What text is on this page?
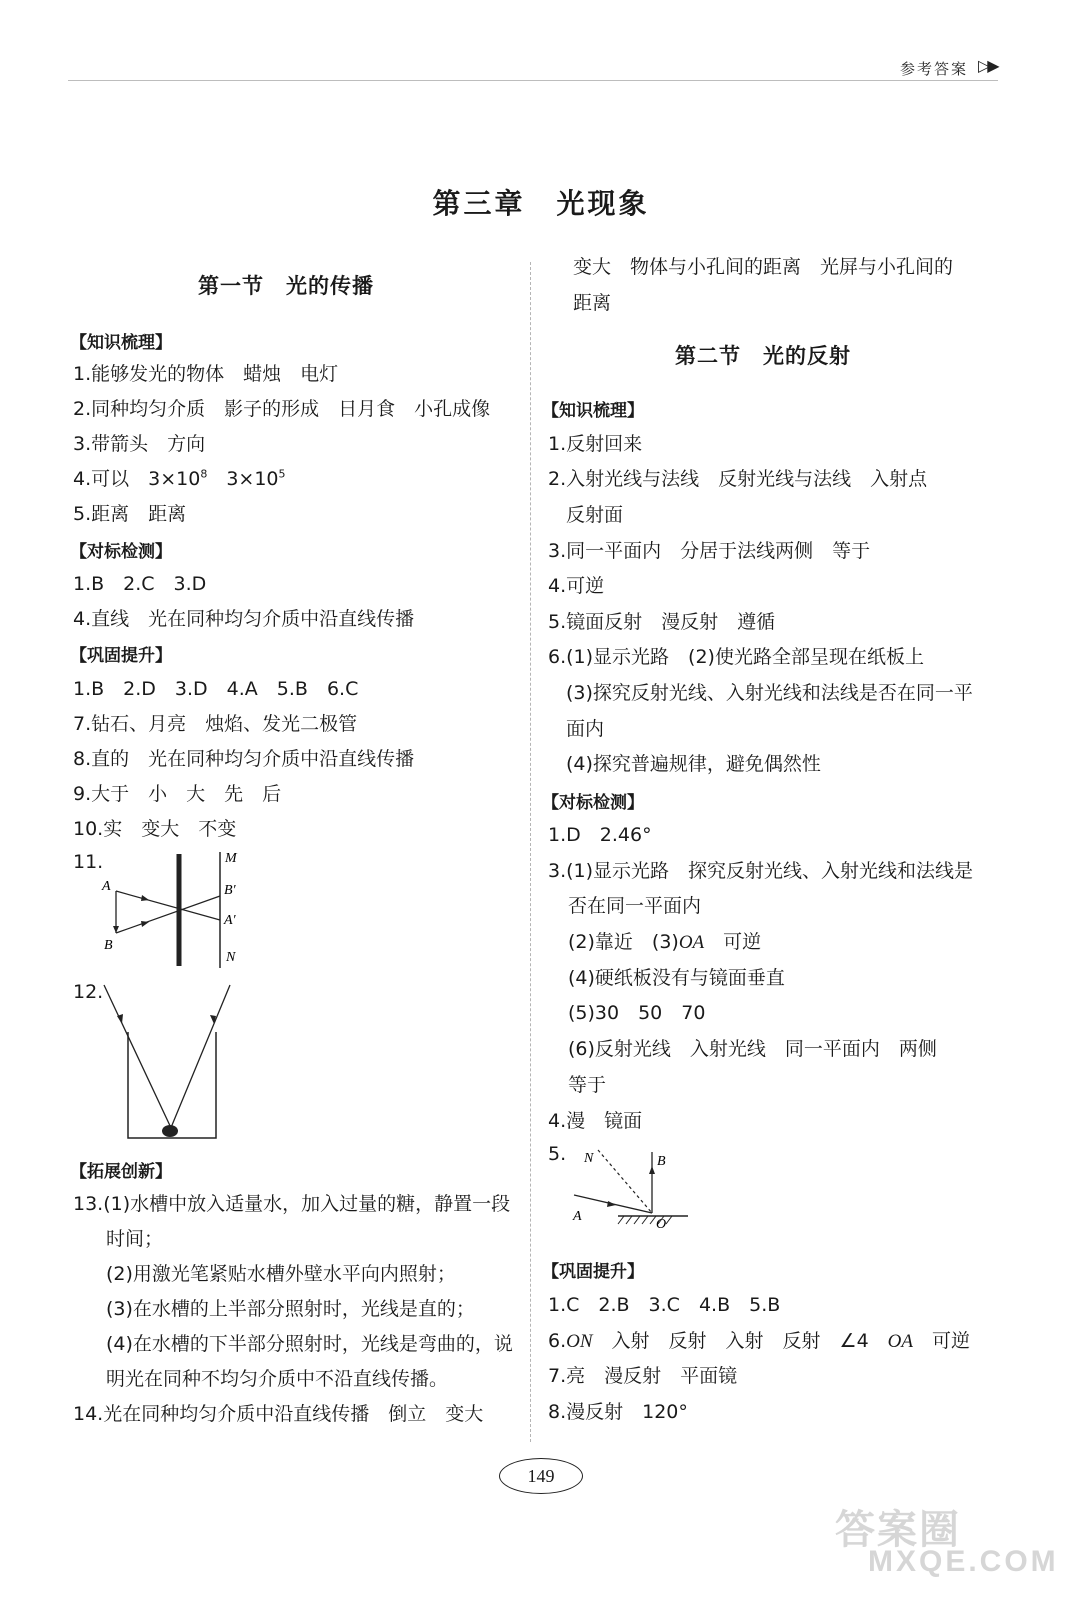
参考答案 ▷▶
第三章　光现象
第一节　光的传播
【知识梳理】
1.能够发光的物体　蜡烛　电灯
2.同种均匀介质　影子的形成　日月食　小孔成像
3.带箭头　方向
4.可以　$3\times 10^8$　$3\times 10^5$
5.距离　距离
【对标检测】
1.B　2.C　3.D
4.直线　光在同种均匀介质中沿直线传播
【巩固提升】
1.B　2.D　3.D　4.A　5.B　6.C
7.钻石、月亮　烛焰、发光二极管
8.直的　光在同种均匀介质中沿直线传播
9.大于　小　大　先　后
10.实　变大　不变
11.	M
B′
A′
A
B
N
12.
【拓展创新】
13.(1)水槽中放入适量水，加入过量的糖，静置一段
时间；
(2)用激光笔紧贴水槽外壁水平向内照射；
(3)在水槽的上半部分照射时，光线是直的；
(4)在水槽的下半部分照射时，光线是弯曲的，说
明光在同种不均匀介质中不沿直线传播。
14.光在同种均匀介质中沿直线传播　倒立　变大
变大　物体与小孔间的距离　光屏与小孔间的
距离
第二节　光的反射
【知识梳理】
1.反射回来
2.入射光线与法线　反射光线与法线　入射点
反射面
3.同一平面内　分居于法线两侧　等于
4.可逆
5.镜面反射　漫反射　遵循
6.(1)显示光路　(2)使光路全部呈现在纸板上
(3)探究反射光线、入射光线和法线是否在同一平
面内
(4)探究普遍规律，避免偶然性
【对标检测】
1.D　2.46°
3.(1)显示光路　探究反射光线、入射光线和法线是
否在同一平面内
(2)靠近　(3)OA　可逆
(4)硬纸板没有与镜面垂直
(5)30　50　70
(6)反射光线　入射光线　同一平面内　两侧
等于
4.漫　镜面
5. N	B
A
O
【巩固提升】
1.C　2.B　3.C　4.B　5.B
6.ON　入射　反射　入射　反射　∠4　OA　可逆
7.亮　漫反射　平面镜
8.漫反射　120°
149
答案圈
MXQE.COM
